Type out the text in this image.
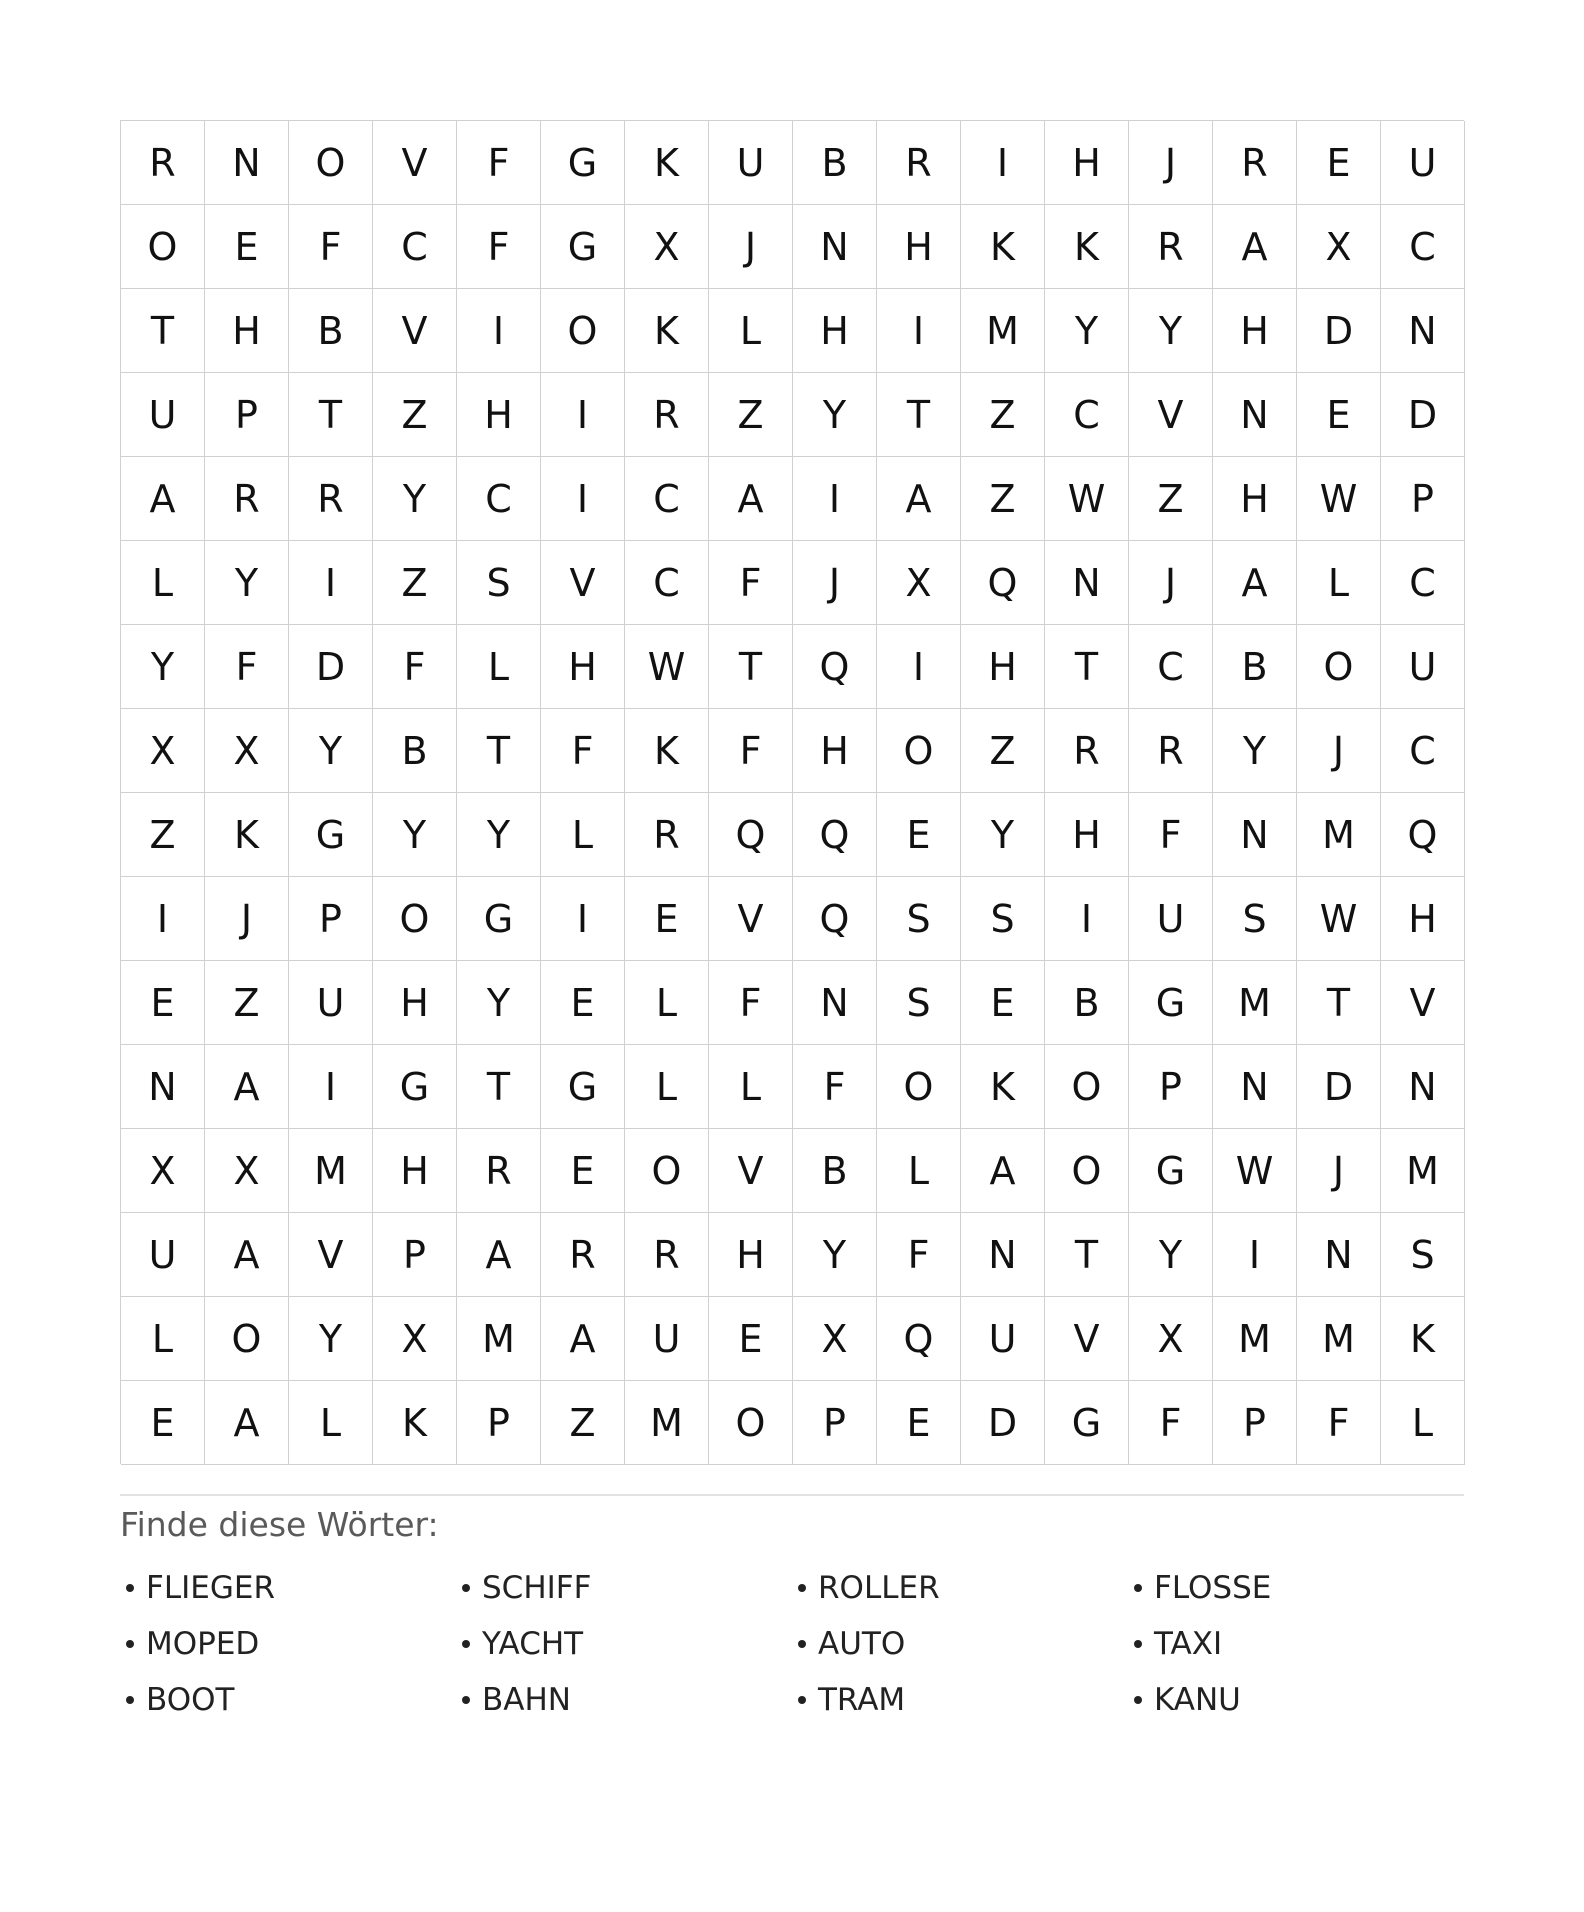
R	N	O	V	F	G	K	U	B	R	I	H	J	R	E	U
O	E	F	C	F	G	X	J	N	H	K	K	R	A	X	C
T	H	B	V	I	O	K	L	H	I	M	Y	Y	H	D	N
U	P	T	Z	H	I	R	Z	Y	T	Z	C	V	N	E	D
A	R	R	Y	C	I	C	A	I	A	Z	W	Z	H	W	P
L	Y	I	Z	S	V	C	F	J	X	Q	N	J	A	L	C
Y	F	D	F	L	H	W	T	Q	I	H	T	C	B	O	U
X	X	Y	B	T	F	K	F	H	O	Z	R	R	Y	J	C
Z	K	G	Y	Y	L	R	Q	Q	E	Y	H	F	N	M	Q
I	J	P	O	G	I	E	V	Q	S	S	I	U	S	W	H
E	Z	U	H	Y	E	L	F	N	S	E	B	G	M	T	V
N	A	I	G	T	G	L	L	F	O	K	O	P	N	D	N
X	X	M	H	R	E	O	V	B	L	A	O	G	W	J	M
U	A	V	P	A	R	R	H	Y	F	N	T	Y	I	N	S
L	O	Y	X	M	A	U	E	X	Q	U	V	X	M	M	K
E	A	L	K	P	Z	M	O	P	E	D	G	F	P	F	L
Finde diese Wörter:
FLIEGER	SCHIFF	ROLLER	FLOSSE
MOPED	YACHT	AUTO	TAXI
BOOT	BAHN	TRAM	KANU
